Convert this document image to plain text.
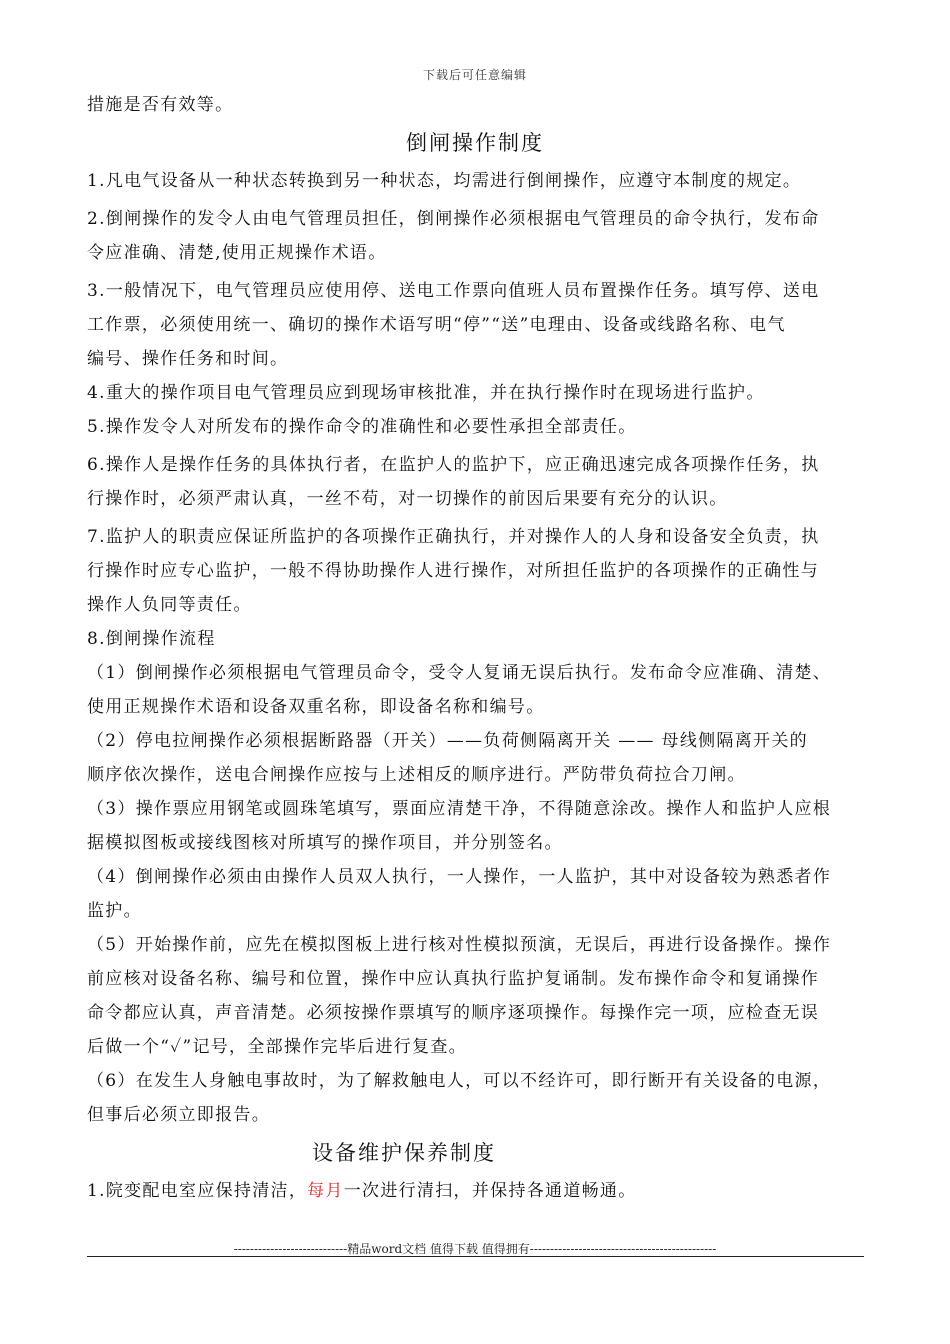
下载后可任意编辑
措施是否有效等。
倒闸操作制度
1.凡电气设备从一种状态转换到另一种状态，均需进行倒闸操作，应遵守本制度的规定。
2.倒闸操作的发令人由电气管理员担任，倒闸操作必须根据电气管理员的命令执行，发布命
令应准确、清楚,使用正规操作术语。
3.一般情况下，电气管理员应使用停、送电工作票向值班人员布置操作任务。填写停、送电
工作票，必须使用统一、确切的操作术语写明“停”“送”电理由、设备或线路名称、电气
编号、操作任务和时间。
4.重大的操作项目电气管理员应到现场审核批准，并在执行操作时在现场进行监护。
5.操作发令人对所发布的操作命令的准确性和必要性承担全部责任。
6.操作人是操作任务的具体执行者，在监护人的监护下，应正确迅速完成各项操作任务，执
行操作时，必须严肃认真，一丝不苟，对一切操作的前因后果要有充分的认识。
7.监护人的职责应保证所监护的各项操作正确执行，并对操作人的人身和设备安全负责，执
行操作时应专心监护，一般不得协助操作人进行操作，对所担任监护的各项操作的正确性与
操作人负同等责任。
8.倒闸操作流程
（1）倒闸操作必须根据电气管理员命令，受令人复诵无误后执行。发布命令应准确、清楚、
使用正规操作术语和设备双重名称，即设备名称和编号。
（2）停电拉闸操作必须根据断路器（开关）——负荷侧隔离开关 —— 母线侧隔离开关的
顺序依次操作，送电合闸操作应按与上述相反的顺序进行。严防带负荷拉合刀闸。
（3）操作票应用钢笔或圆珠笔填写，票面应清楚干净，不得随意涂改。操作人和监护人应根
据模拟图板或接线图核对所填写的操作项目，并分别签名。
（4）倒闸操作必须由由操作人员双人执行，一人操作，一人监护，其中对设备较为熟悉者作
监护。
（5）开始操作前，应先在模拟图板上进行核对性模拟预演，无误后，再进行设备操作。操作
前应核对设备名称、编号和位置，操作中应认真执行监护复诵制。发布操作命令和复诵操作
命令都应认真，声音清楚。必须按操作票填写的顺序逐项操作。每操作完一项，应检查无误
后做一个“✓”记号，全部操作完毕后进行复查。
（6）在发生人身触电事故时，为了解救触电人，可以不经许可，即行断开有关设备的电源，
但事后必须立即报告。
设备维护保养制度
1.院变配电室应保持清洁，每月一次进行清扫，并保持各通道畅通。
----------------------------精品word文档 值得下载 值得拥有----------------------------------------------
